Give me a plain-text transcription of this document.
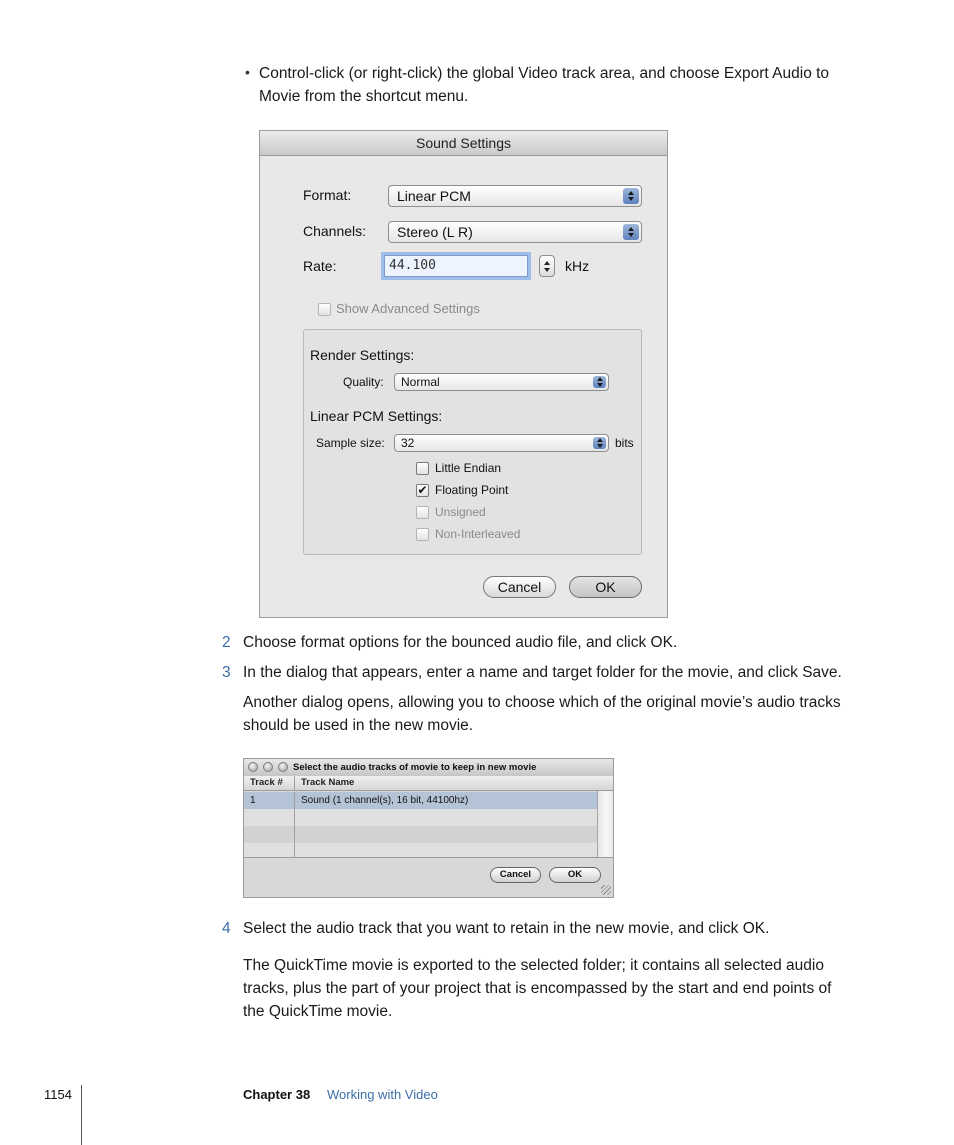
• Control-click (or right-click) the global Video track area, and choose Export Audio to
Movie from the shortcut menu.
Sound Settings
Format:	Linear PCM
Channels:	Stereo (L R)
Rate:	44.100	kHz
Show Advanced Settings
Render Settings:
Quality:	Normal
Linear PCM Settings:
Sample size:	32	bits
Little Endian
✔ Floating Point
Unsigned
Non-Interleaved
Cancel	OK
2 Choose format options for the bounced audio file, and click OK.
3 In the dialog that appears, enter a name and target folder for the movie, and click Save.
Another dialog opens, allowing you to choose which of the original movie’s audio tracks
should be used in the new movie.
Select the audio tracks of movie to keep in new movie
Track #	Track Name
1	Sound (1 channel(s), 16 bit, 44100hz)
Cancel	OK
4 Select the audio track that you want to retain in the new movie, and click OK.
The QuickTime movie is exported to the selected folder; it contains all selected audio
tracks, plus the part of your project that is encompassed by the start and end points of
the QuickTime movie.
1154	Chapter 38 Working with Video
